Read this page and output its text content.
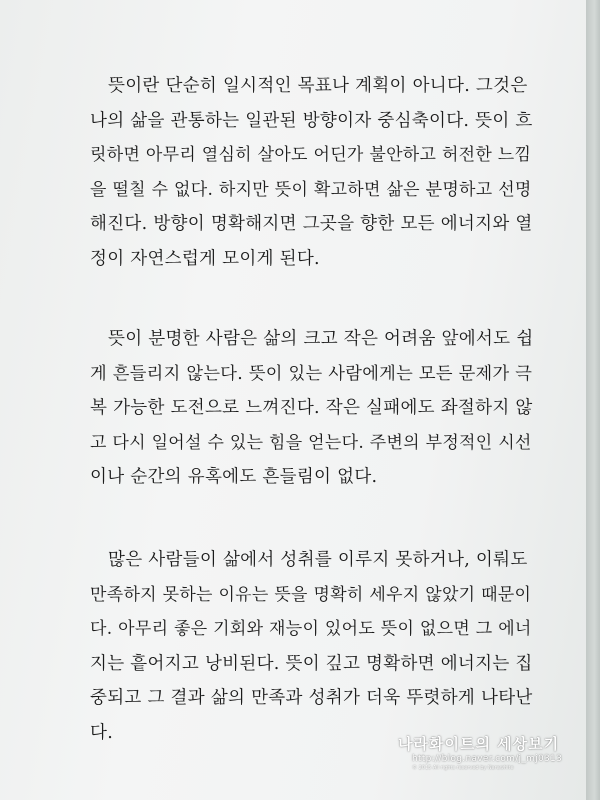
뜻이란 단순히 일시적인 목표나 계획이 아니다. 그것은
나의 삶을 관통하는 일관된 방향이자 중심축이다. 뜻이 흐
릿하면 아무리 열심히 살아도 어딘가 불안하고 허전한 느낌
을 떨칠 수 없다. 하지만 뜻이 확고하면 삶은 분명하고 선명
해진다. 방향이 명확해지면 그곳을 향한 모든 에너지와 열
정이 자연스럽게 모이게 된다.
뜻이 분명한 사람은 삶의 크고 작은 어려움 앞에서도 쉽
게 흔들리지 않는다. 뜻이 있는 사람에게는 모든 문제가 극
복 가능한 도전으로 느껴진다. 작은 실패에도 좌절하지 않
고 다시 일어설 수 있는 힘을 얻는다. 주변의 부정적인 시선
이나 순간의 유혹에도 흔들림이 없다.
많은 사람들이 삶에서 성취를 이루지 못하거나, 이뤄도
만족하지 못하는 이유는 뜻을 명확히 세우지 않았기 때문이
다. 아무리 좋은 기회와 재능이 있어도 뜻이 없으면 그 에너
지는 흩어지고 낭비된다. 뜻이 깊고 명확하면 에너지는 집
중되고 그 결과 삶의 만족과 성취가 더욱 뚜렷하게 나타난
다.
나라화이트의 세상보기
http://blog.naver.com/j_mj0313
© 2015 All rights reserved by Narawhite
